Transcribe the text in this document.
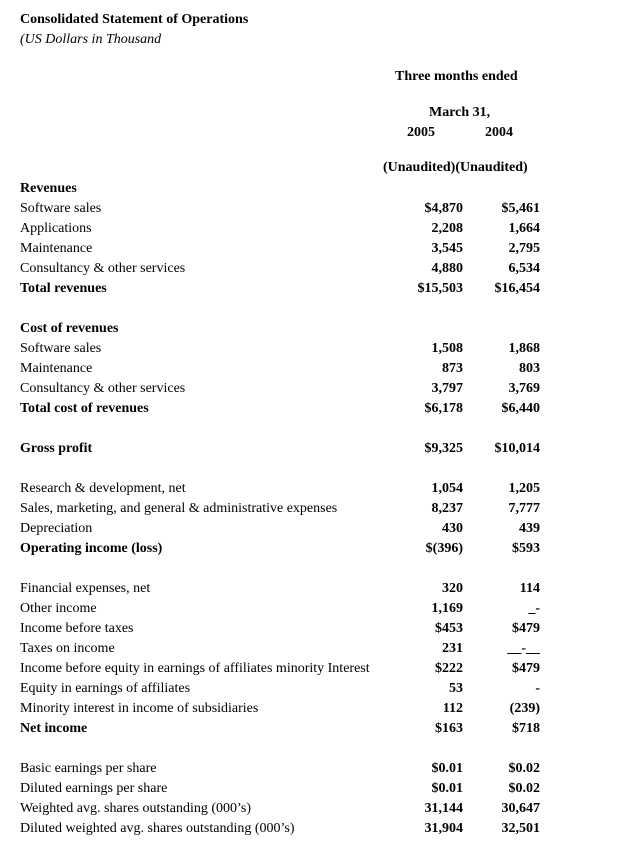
Consolidated Statement of Operations
(US Dollars in Thousand
Three months ended
March 31,
2005	2004
(Unaudited)(Unaudited)
Revenues
Software sales	$4,870	$5,461
Applications	2,208	1,664
Maintenance	3,545	2,795
Consultancy & other services	4,880	6,534
Total revenues	$15,503	$16,454
Cost of revenues
Software sales	1,508	1,868
Maintenance	873	803
Consultancy & other services	3,797	3,769
Total cost of revenues	$6,178	$6,440
Gross profit	$9,325	$10,014
Research & development, net	1,054	1,205
Sales, marketing, and general & administrative expenses	8,237	7,777
Depreciation	430	439
Operating income (loss)	$(396)	$593
Financial expenses, net	320	114
Other income	1,169	_-
Income before taxes	$453	$479
Taxes on income	231	__-__
Income before equity in earnings of affiliates minority Interest	$222	$479
Equity in earnings of affiliates	53	-
Minority interest in income of subsidiaries	112	(239)
Net income	$163	$718
Basic earnings per share	$0.01	$0.02
Diluted earnings per share	$0.01	$0.02
Weighted avg. shares outstanding (000’s)	31,144	30,647
Diluted weighted avg. shares outstanding (000’s)	31,904	32,501
